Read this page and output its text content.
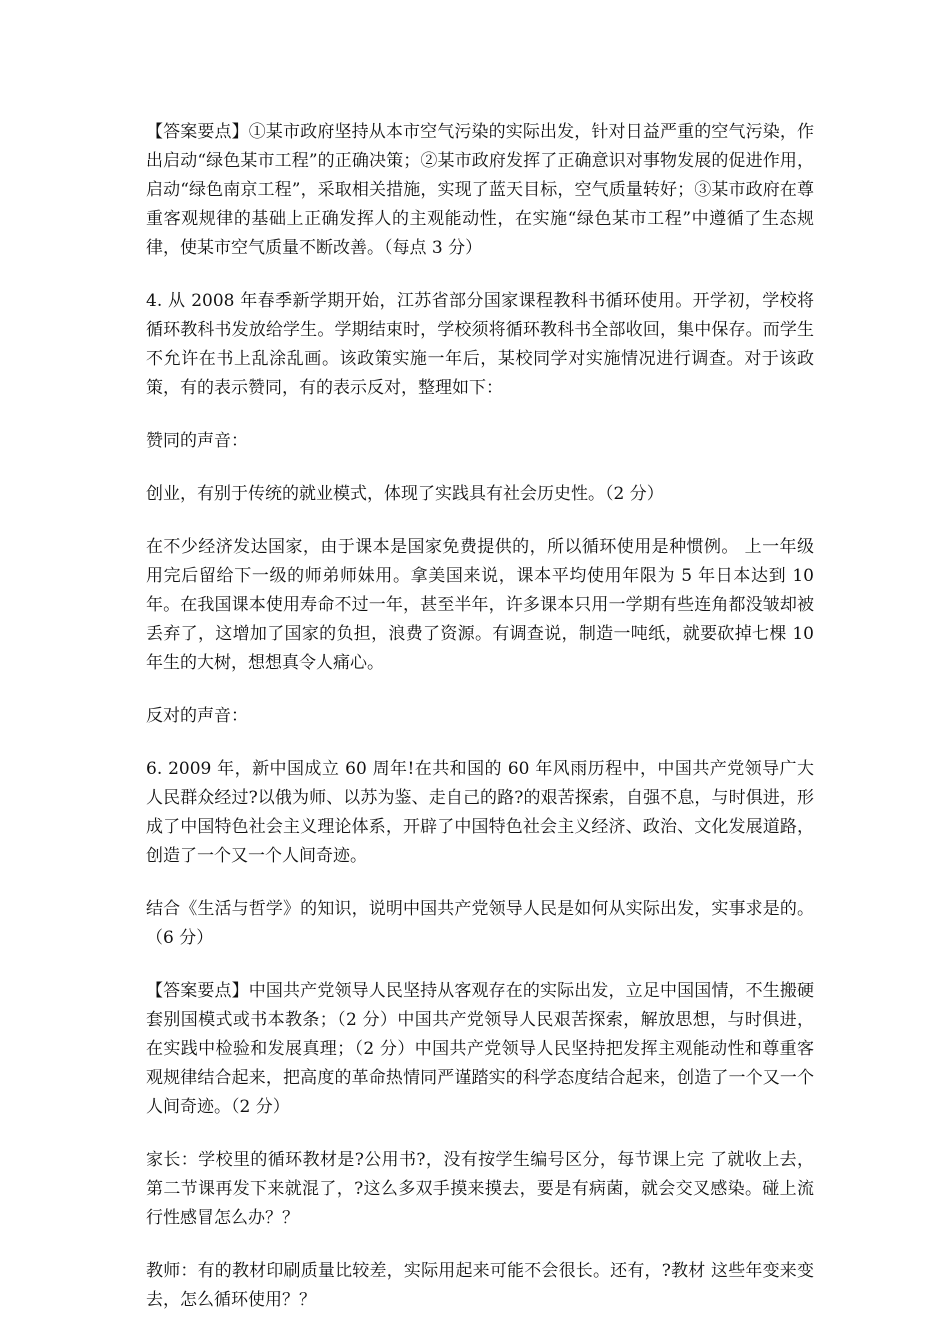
【答案要点】①某市政府坚持从本市空气污染的实际出发，针对日益严重的空气污染，作出启动“绿色某市工程”的正确决策；②某市政府发挥了正确意识对事物发展的促进作用，启动“绿色南京工程”，采取相关措施，实现了蓝天目标，空气质量转好；③某市政府在尊重客观规律的基础上正确发挥人的主观能动性，在实施“绿色某市工程”中遵循了生态规律，使某市空气质量不断改善。（每点 3 分）

4. 从 2008 年春季新学期开始，江苏省部分国家课程教科书循环使用。开学初，学校将循环教科书发放给学生。学期结束时，学校须将循环教科书全部收回，集中保存。而学生不允许在书上乱涂乱画。该政策实施一年后，某校同学对实施情况进行调查。对于该政策，有的表示赞同，有的表示反对，整理如下：

赞同的声音：

创业，有别于传统的就业模式，体现了实践具有社会历史性。（2 分）

在不少经济发达国家，由于课本是国家免费提供的，所以循环使用是种惯例。 上一年级用完后留给下一级的师弟师妹用。拿美国来说，课本平均使用年限为 5 年日本达到 10 年。在我国课本使用寿命不过一年，甚至半年，许多课本只用一学期有些连角都没皱却被丢弃了，这增加了国家的负担，浪费了资源。有调查说，制造一吨纸，就要砍掉七棵 10 年生的大树，想想真令人痛心。

反对的声音：

6. 2009 年，新中国成立 60 周年!在共和国的 60 年风雨历程中，中国共产党领导广大人民群众经过?以俄为师、以苏为鉴、走自己的路?的艰苦探索，自强不息，与时俱进，形成了中国特色社会主义理论体系，开辟了中国特色社会主义经济、政治、文化发展道路，创造了一个又一个人间奇迹。

结合《生活与哲学》的知识，说明中国共产党领导人民是如何从实际出发，实事求是的。（6 分）

【答案要点】中国共产党领导人民坚持从客观存在的实际出发，立足中国国情，不生搬硬套别国模式或书本教条；（2 分）中国共产党领导人民艰苦探索，解放思想，与时俱进，在实践中检验和发展真理；（2 分）中国共产党领导人民坚持把发挥主观能动性和尊重客观规律结合起来，把高度的革命热情同严谨踏实的科学态度结合起来，创造了一个又一个人间奇迹。（2 分）

家长：学校里的循环教材是?公用书?，没有按学生编号区分，每节课上完 了就收上去，第二节课再发下来就混了，?这么多双手摸来摸去，要是有病菌，就会交叉感染。碰上流行性感冒怎么办？？

教师：有的教材印刷质量比较差，实际用起来可能不会很长。还有，?教材 这些年变来变去，怎么循环使用？？
